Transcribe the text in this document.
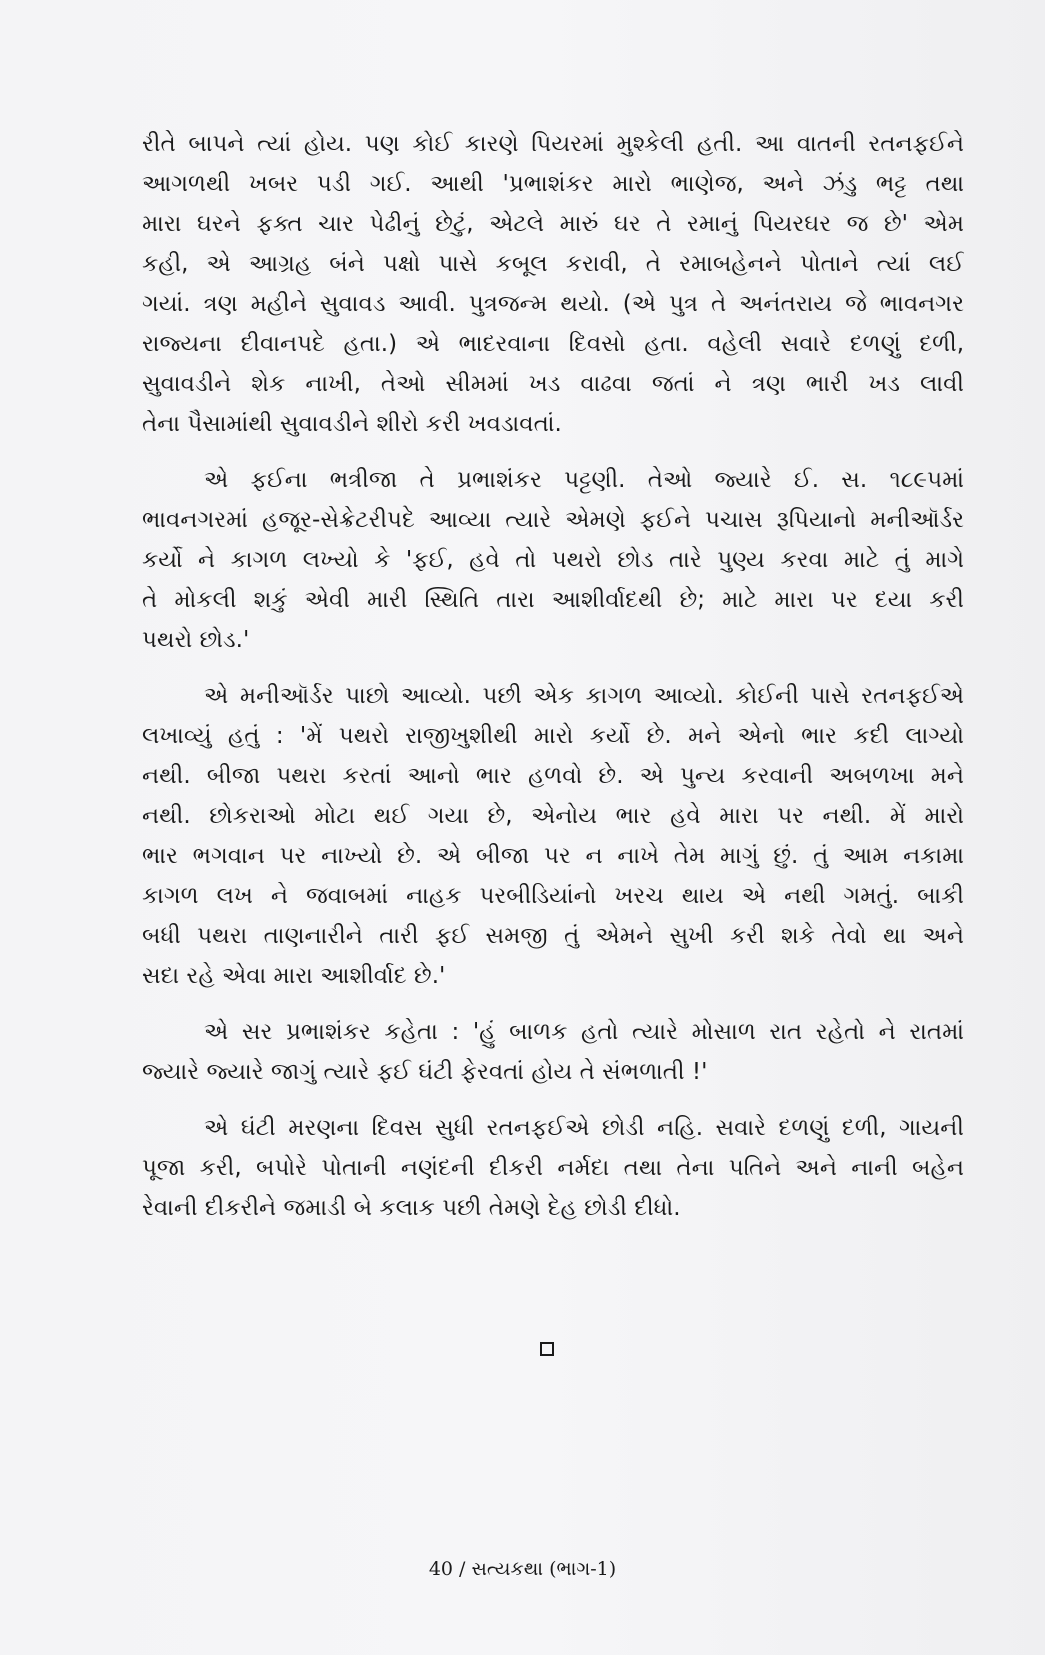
રીતે બાપને ત્યાં હોય. પણ કોઈ કારણે પિયરમાં મુશ્કેલી હતી. આ વાતની રતનફઈને
આગળથી ખબર પડી ગઈ. આથી 'પ્રભાશંકર મારો ભાણેજ, અને ઝંડુ ભટ્ટ તથા
મારા ઘરને ફક્ત ચાર પેઢીનું છેટું, એટલે મારું ઘર તે રમાનું પિયરઘર જ છે' એમ
કહી, એ આગ્રહ બંને પક્ષો પાસે કબૂલ કરાવી, તે રમાબહેનને પોતાને ત્યાં લઈ
ગયાં. ત્રણ મહીને સુવાવડ આવી. પુત્રજન્મ થયો. (એ પુત્ર તે અનંતરાય જે ભાવનગર
રાજ્યના દીવાનપદે હતા.) એ ભાદરવાના દિવસો હતા. વહેલી સવારે દળણું દળી,
સુવાવડીને શેક નાખી, તેઓ સીમમાં ખડ વાઢવા જતાં ને ત્રણ ભારી ખડ લાવી
તેના પૈસામાંથી સુવાવડીને શીરો કરી ખવડાવતાં.
એ ફઈના ભત્રીજા તે પ્રભાશંકર પટ્ટણી. તેઓ જ્યારે ઈ. સ. ૧૮૯૫માં
ભાવનગરમાં હજૂર-સેક્રેટરીપદે આવ્યા ત્યારે એમણે ફઈને પચાસ રૂપિયાનો મનીઑર્ડર
કર્યો ને કાગળ લખ્યો કે 'ફઈ, હવે તો પથરો છોડ તારે પુણ્ય કરવા માટે તું માગે
તે મોકલી શકું એવી મારી સ્થિતિ તારા આશીર્વાદથી છે; માટે મારા પર દયા કરી
પથરો છોડ.'
એ મનીઑર્ડર પાછો આવ્યો. પછી એક કાગળ આવ્યો. કોઈની પાસે રતનફઈએ
લખાવ્યું હતું : 'મેં પથરો રાજીખુશીથી મારો કર્યો છે. મને એનો ભાર કદી લાગ્યો
નથી. બીજા પથરા કરતાં આનો ભાર હળવો છે. એ પુન્ય કરવાની અબળખા મને
નથી. છોકરાઓ મોટા થઈ ગયા છે, એનોય ભાર હવે મારા પર નથી. મેં મારો
ભાર ભગવાન પર નાખ્યો છે. એ બીજા પર ન નાખે તેમ માગું છું. તું આમ નકામા
કાગળ લખ ને જવાબમાં નાહક પરબીડિયાંનો ખરચ થાય એ નથી ગમતું. બાકી
બધી પથરા તાણનારીને તારી ફઈ સમજી તું એમને સુખી કરી શકે તેવો થા અને
સદા રહે એવા મારા આશીર્વાદ છે.'
એ સર પ્રભાશંકર કહેતા : 'હું બાળક હતો ત્યારે મોસાળ રાત રહેતો ને રાતમાં
જ્યારે જ્યારે જાગું ત્યારે ફઈ ઘંટી ફેરવતાં હોય તે સંભળાતી !'
એ ઘંટી મરણના દિવસ સુધી રતનફઈએ છોડી નહિ. સવારે દળણું દળી, ગાયની
પૂજા કરી, બપોરે પોતાની નણંદની દીકરી નર્મદા તથા તેના પતિને અને નાની બહેન
રેવાની દીકરીને જમાડી બે કલાક પછી તેમણે દેહ છોડી દીધો.
40 / સત્યકથા (ભાગ-1)
